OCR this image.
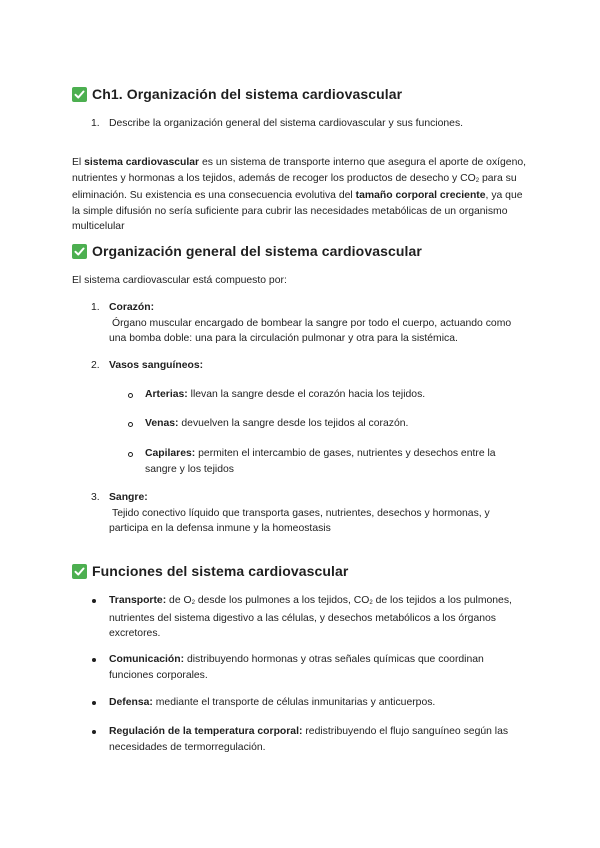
Ch1. Organización del sistema cardiovascular
1. Describe la organización general del sistema cardiovascular y sus funciones.
El sistema cardiovascular es un sistema de transporte interno que asegura el aporte de oxígeno, nutrientes y hormonas a los tejidos, además de recoger los productos de desecho y $CO_2$ para su eliminación. Su existencia es una consecuencia evolutiva del tamaño corporal creciente, ya que la simple difusión no sería suficiente para cubrir las necesidades metabólicas de un organismo multicelular
Organización general del sistema cardiovascular
El sistema cardiovascular está compuesto por:
1. Corazón:
Órgano muscular encargado de bombear la sangre por todo el cuerpo, actuando como una bomba doble: una para la circulación pulmonar y otra para la sistémica.
2. Vasos sanguíneos:
Arterias: llevan la sangre desde el corazón hacia los tejidos.
Venas: devuelven la sangre desde los tejidos al corazón.
Capilares: permiten el intercambio de gases, nutrientes y desechos entre la sangre y los tejidos
3. Sangre:
Tejido conectivo líquido que transporta gases, nutrientes, desechos y hormonas, y participa en la defensa inmune y la homeostasis
Funciones del sistema cardiovascular
Transporte: de $O_2$ desde los pulmones a los tejidos, $CO_2$ de los tejidos a los pulmones, nutrientes del sistema digestivo a las células, y desechos metabólicos a los órganos excretores.
Comunicación: distribuyendo hormonas y otras señales químicas que coordinan funciones corporales.
Defensa: mediante el transporte de células inmunitarias y anticuerpos.
Regulación de la temperatura corporal: redistribuyendo el flujo sanguíneo según las necesidades de termorregulación.
